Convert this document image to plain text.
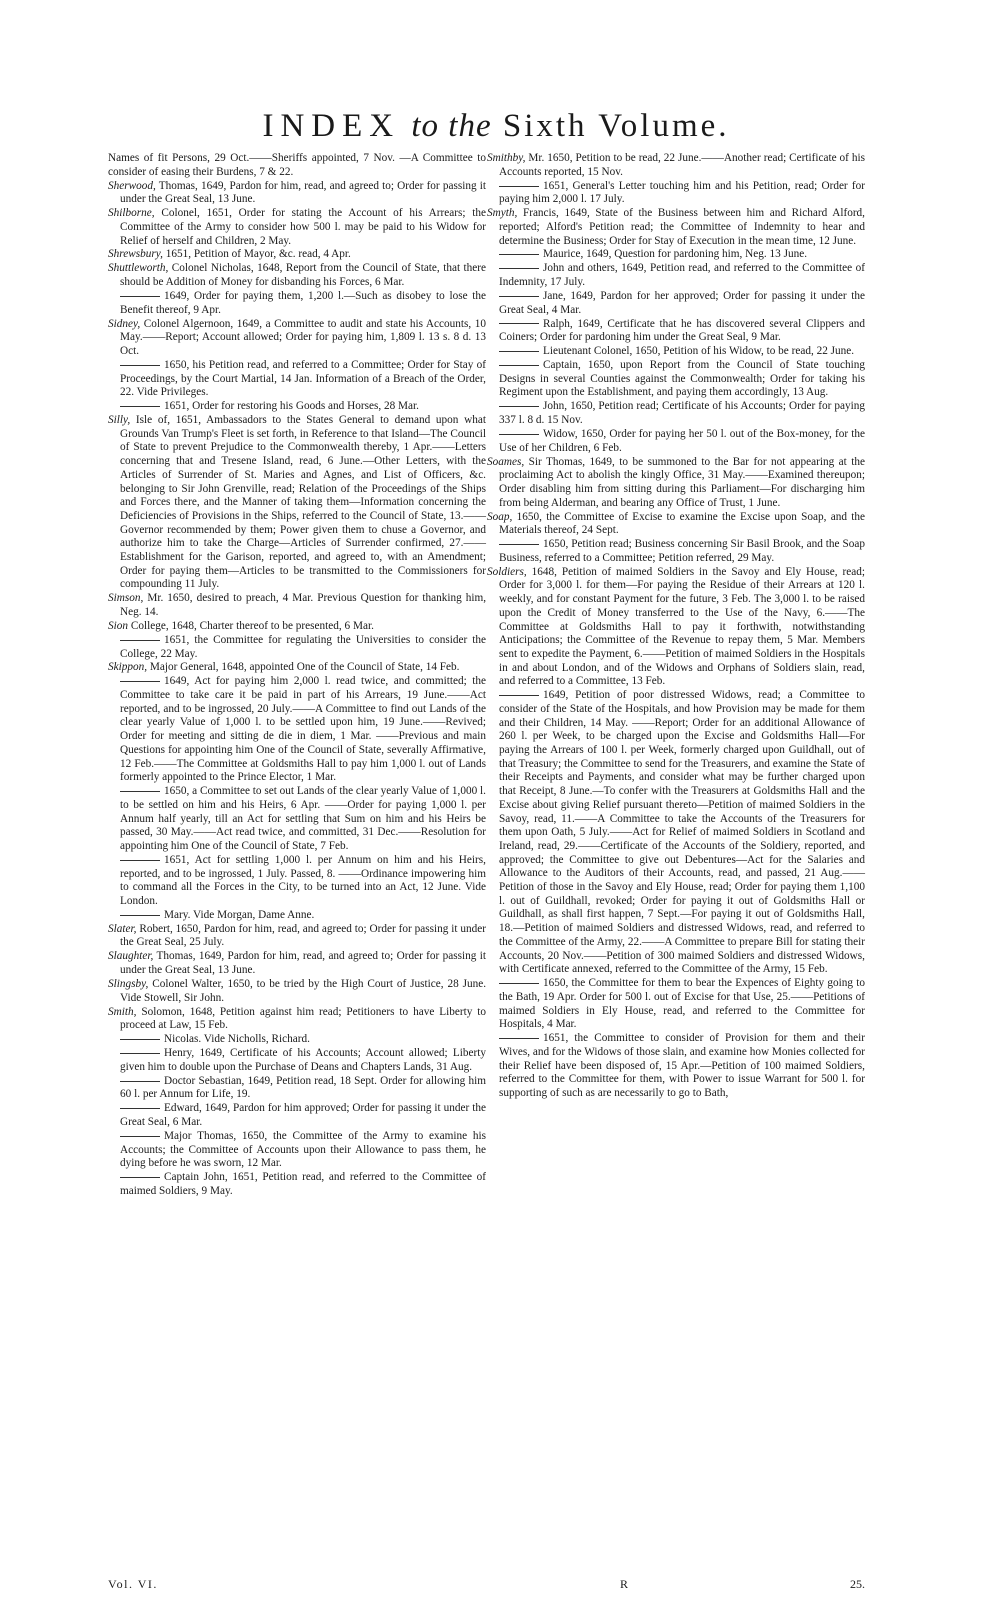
INDEX to the Sixth Volume.

Names of fit Persons, 29 Oct.——Sheriffs appointed, 7 Nov. —A Committee to consider of easing their Burdens, 7 & 22.

Sherwood, Thomas, 1649, Pardon for him, read, and agreed to; Order for passing it under the Great Seal, 13 June.

Shilborne, Colonel, 1651, Order for stating the Account of his Arrears; the Committee of the Army to consider how 500 l. may be paid to his Widow for Relief of herself and Children, 2 May.

Shrewsbury, 1651, Petition of Mayor, &c. read, 4 Apr.

Shuttleworth, Colonel Nicholas, 1648, Report from the Council of State, that there should be Addition of Money for disbanding his Forces, 6 Mar.

1649, Order for paying them, 1,200 l.—Such as disobey to lose the Benefit thereof, 9 Apr.

Sidney, Colonel Algernoon, 1649, a Committee to audit and state his Accounts, 10 May.——Report; Account allowed; Order for paying him, 1,809 l. 13 s. 8 d. 13 Oct.

1650, his Petition read, and referred to a Committee; Order for Stay of Proceedings, by the Court Martial, 14 Jan. Information of a Breach of the Order, 22. Vide Privileges.

1651, Order for restoring his Goods and Horses, 28 Mar.

Silly, Isle of, 1651, Ambassadors to the States General to demand upon what Grounds Van Trump's Fleet is set forth, in Reference to that Island—The Council of State to prevent Prejudice to the Commonwealth thereby, 1 Apr.——Letters concerning that and Tresene Island, read, 6 June.—Other Letters, with the Articles of Surrender of St. Maries and Agnes, and List of Officers, &c. belonging to Sir John Grenville, read; Relation of the Proceedings of the Ships and Forces there, and the Manner of taking them—Information concerning the Deficiencies of Provisions in the Ships, referred to the Council of State, 13.——Governor recommended by them; Power given them to chuse a Governor, and authorize him to take the Charge—Articles of Surrender confirmed, 27.—— Establishment for the Garison, reported, and agreed to, with an Amendment; Order for paying them—Articles to be transmitted to the Commissioners for compounding 11 July.

Simson, Mr. 1650, desired to preach, 4 Mar. Previous Question for thanking him, Neg. 14.

Sion College, 1648, Charter thereof to be presented, 6 Mar.

1651, the Committee for regulating the Universities to consider the College, 22 May.

Skippon, Major General, 1648, appointed One of the Council of State, 14 Feb.

1649, Act for paying him 2,000 l. read twice, and committed; the Committee to take care it be paid in part of his Arrears, 19 June.——Act reported, and to be ingrossed, 20 July.——A Committee to find out Lands of the clear yearly Value of 1,000 l. to be settled upon him, 19 June.——Revived; Order for meeting and sitting de die in diem, 1 Mar. ——Previous and main Questions for appointing him One of the Council of State, severally Affirmative, 12 Feb.——The Committee at Goldsmiths Hall to pay him 1,000 l. out of Lands formerly appointed to the Prince Elector, 1 Mar.

1650, a Committee to set out Lands of the clear yearly Value of 1,000 l. to be settled on him and his Heirs, 6 Apr. ——Order for paying 1,000 l. per Annum half yearly, till an Act for settling that Sum on him and his Heirs be passed, 30 May.——Act read twice, and committed, 31 Dec.——Resolution for appointing him One of the Council of State, 7 Feb.

1651, Act for settling 1,000 l. per Annum on him and his Heirs, reported, and to be ingrossed, 1 July. Passed, 8. ——Ordinance impowering him to command all the Forces in the City, to be turned into an Act, 12 June. Vide London.

Mary. Vide Morgan, Dame Anne.

Slater, Robert, 1650, Pardon for him, read, and agreed to; Order for passing it under the Great Seal, 25 July.

Slaughter, Thomas, 1649, Pardon for him, read, and agreed to; Order for passing it under the Great Seal, 13 June.

Slingsby, Colonel Walter, 1650, to be tried by the High Court of Justice, 28 June. Vide Stowell, Sir John.

Smith, Solomon, 1648, Petition against him read; Petitioners to have Liberty to proceed at Law, 15 Feb.

Nicolas. Vide Nicholls, Richard.

Henry, 1649, Certificate of his Accounts; Account allowed; Liberty given him to double upon the Purchase of Deans and Chapters Lands, 31 Aug.

Doctor Sebastian, 1649, Petition read, 18 Sept. Order for allowing him 60 l. per Annum for Life, 19.

Edward, 1649, Pardon for him approved; Order for passing it under the Great Seal, 6 Mar.

Major Thomas, 1650, the Committee of the Army to examine his Accounts; the Committee of Accounts upon their Allowance to pass them, he dying before he was sworn, 12 Mar.

Captain John, 1651, Petition read, and referred to the Committee of maimed Soldiers, 9 May.

Smithby, Mr. 1650, Petition to be read, 22 June.——Another read; Certificate of his Accounts reported, 15 Nov.

1651, General's Letter touching him and his Petition, read; Order for paying him 2,000 l. 17 July.

Smyth, Francis, 1649, State of the Business between him and Richard Alford, reported; Alford's Petition read; the Committee of Indemnity to hear and determine the Business; Order for Stay of Execution in the mean time, 12 June.

Maurice, 1649, Question for pardoning him, Neg. 13 June.

John and others, 1649, Petition read, and referred to the Committee of Indemnity, 17 July.

Jane, 1649, Pardon for her approved; Order for passing it under the Great Seal, 4 Mar.

Ralph, 1649, Certificate that he has discovered several Clippers and Coiners; Order for pardoning him under the Great Seal, 9 Mar.

Lieutenant Colonel, 1650, Petition of his Widow, to be read, 22 June.

Captain, 1650, upon Report from the Council of State touching Designs in several Counties against the Commonwealth; Order for taking his Regiment upon the Establishment, and paying them accordingly, 13 Aug.

John, 1650, Petition read; Certificate of his Accounts; Order for paying 337 l. 8 d. 15 Nov.

Widow, 1650, Order for paying her 50 l. out of the Box-money, for the Use of her Children, 6 Feb.

Soames, Sir Thomas, 1649, to be summoned to the Bar for not appearing at the proclaiming Act to abolish the kingly Office, 31 May.——Examined thereupon; Order disabling him from sitting during this Parliament—For discharging him from being Alderman, and bearing any Office of Trust, 1 June.

Soap, 1650, the Committee of Excise to examine the Excise upon Soap, and the Materials thereof, 24 Sept.

1650, Petition read; Business concerning Sir Basil Brook, and the Soap Business, referred to a Committee; Petition referred, 29 May.

Soldiers, 1648, Petition of maimed Soldiers in the Savoy and Ely House, read; Order for 3,000 l. for them—For paying the Residue of their Arrears at 120 l. weekly, and for constant Payment for the future, 3 Feb. The 3,000 l. to be raised upon the Credit of Money transferred to the Use of the Navy, 6.——The Committee at Goldsmiths Hall to pay it forthwith, notwithstanding Anticipations; the Committee of the Revenue to repay them, 5 Mar. Members sent to expedite the Payment, 6.——Petition of maimed Soldiers in the Hospitals in and about London, and of the Widows and Orphans of Soldiers slain, read, and referred to a Committee, 13 Feb.

1649, Petition of poor distressed Widows, read; a Committee to consider of the State of the Hospitals, and how Provision may be made for them and their Children, 14 May. ——Report; Order for an additional Allowance of 260 l. per Week, to be charged upon the Excise and Goldsmiths Hall—For paying the Arrears of 100 l. per Week, formerly charged upon Guildhall, out of that Treasury; the Committee to send for the Treasurers, and examine the State of their Receipts and Payments, and consider what may be further charged upon that Receipt, 8 June.—To confer with the Treasurers at Goldsmiths Hall and the Excise about giving Relief pursuant thereto—Petition of maimed Soldiers in the Savoy, read, 11.——A Committee to take the Accounts of the Treasurers for them upon Oath, 5 July.——Act for Relief of maimed Soldiers in Scotland and Ireland, read, 29.——Certificate of the Accounts of the Soldiery, reported, and approved; the Committee to give out Debentures—Act for the Salaries and Allowance to the Auditors of their Accounts, read, and passed, 21 Aug.——Petition of those in the Savoy and Ely House, read; Order for paying them 1,100 l. out of Guildhall, revoked; Order for paying it out of Goldsmiths Hall or Guildhall, as shall first happen, 7 Sept.—For paying it out of Goldsmiths Hall, 18.—Petition of maimed Soldiers and distressed Widows, read, and referred to the Committee of the Army, 22.——A Committee to prepare Bill for stating their Accounts, 20 Nov.——Petition of 300 maimed Soldiers and distressed Widows, with Certificate annexed, referred to the Committee of the Army, 15 Feb.

1650, the Committee for them to bear the Expences of Eighty going to the Bath, 19 Apr. Order for 500 l. out of Excise for that Use, 25.——Petitions of maimed Soldiers in Ely House, read, and referred to the Committee for Hospitals, 4 Mar.

1651, the Committee to consider of Provision for them and their Wives, and for the Widows of those slain, and examine how Monies collected for their Relief have been disposed of, 15 Apr.—Petition of 100 maimed Soldiers, referred to the Committee for them, with Power to issue Warrant for 500 l. for supporting of such as are necessarily to go to Bath,

Vol. VI.	R	25.
